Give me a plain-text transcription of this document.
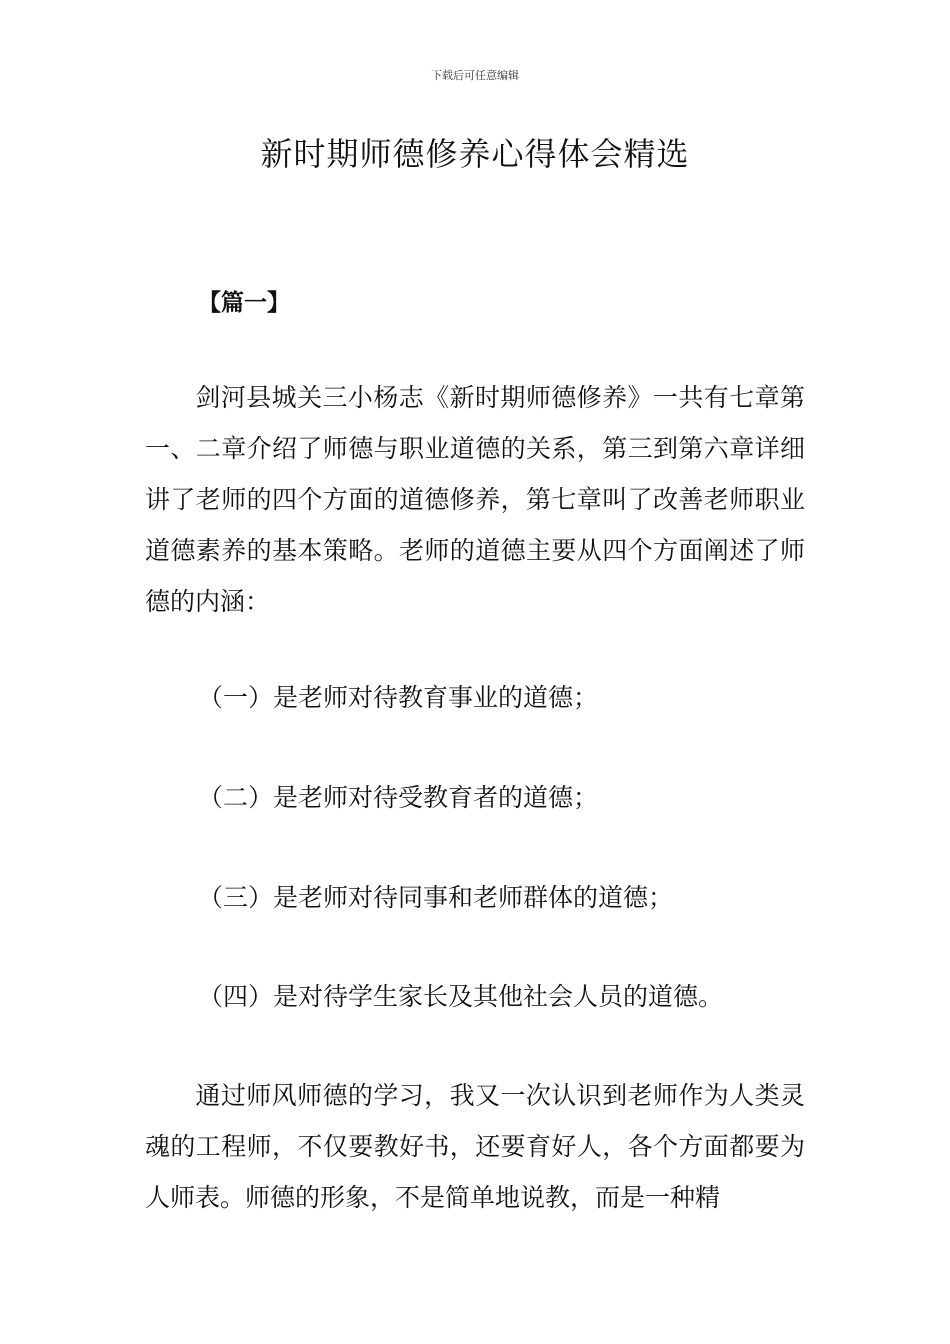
下载后可任意编辑
新时期师德修养心得体会精选
【篇一】

剑河县城关三小杨志《新时期师德修养》一共有七章第一、二章介绍了师德与职业道德的关系，第三到第六章详细讲了老师的四个方面的道德修养，第七章叫了改善老师职业道德素养的基本策略。老师的道德主要从四个方面阐述了师德的内涵：

（一）是老师对待教育事业的道德；
（二）是老师对待受教育者的道德；
（三）是老师对待同事和老师群体的道德；
（四）是对待学生家长及其他社会人员的道德。

通过师风师德的学习，我又一次认识到老师作为人类灵魂的工程师，不仅要教好书，还要育好人，各个方面都要为人师表。师德的形象，不是简单地说教，而是一种精
